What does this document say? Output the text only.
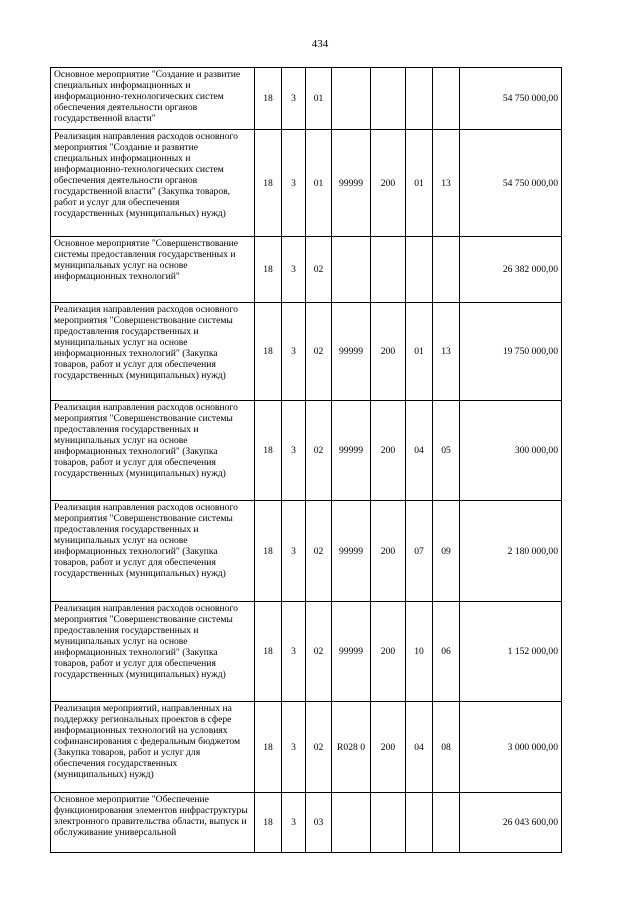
434
Основное мероприятие "Создание и развитие специальных информационных и информационно-технологических систем обеспечения деятельности органов государственной власти"	18	3	01					54 750 000,00
Реализация направления расходов основного мероприятия "Создание и развитие специальных информационных и информационно-технологических систем обеспечения деятельности органов государственной власти" (Закупка товаров, работ и услуг для обеспечения государственных (муниципальных) нужд)	18	3	01	99999	200	01	13	54 750 000,00
Основное мероприятие "Совершенствование системы предоставления государственных и муниципальных услуг на основе информационных технологий"	18	3	02					26 382 000,00
Реализация направления расходов основного мероприятия "Совершенствование системы предоставления государственных и муниципальных услуг на основе информационных технологий" (Закупка товаров, работ и услуг для обеспечения государственных (муниципальных) нужд)	18	3	02	99999	200	01	13	19 750 000,00
Реализация направления расходов основного мероприятия "Совершенствование системы предоставления государственных и муниципальных услуг на основе информационных технологий" (Закупка товаров, работ и услуг для обеспечения государственных (муниципальных) нужд)	18	3	02	99999	200	04	05	300 000,00
Реализация направления расходов основного мероприятия "Совершенствование системы предоставления государственных и муниципальных услуг на основе информационных технологий" (Закупка товаров, работ и услуг для обеспечения государственных (муниципальных) нужд)	18	3	02	99999	200	07	09	2 180 000,00
Реализация направления расходов основного мероприятия "Совершенствование системы предоставления государственных и муниципальных услуг на основе информационных технологий" (Закупка товаров, работ и услуг для обеспечения государственных (муниципальных) нужд)	18	3	02	99999	200	10	06	1 152 000,00
Реализация мероприятий, направленных на поддержку региональных проектов в сфере информационных технологий на условиях софинансирования с федеральным бюджетом (Закупка товаров, работ и услуг для обеспечения государственных (муниципальных) нужд)	18	3	02	R028 0	200	04	08	3 000 000,00
Основное мероприятие "Обеспечение функционирования элементов инфраструктуры электронного правительства области, выпуск и обслуживание универсальной	18	3	03					26 043 600,00
